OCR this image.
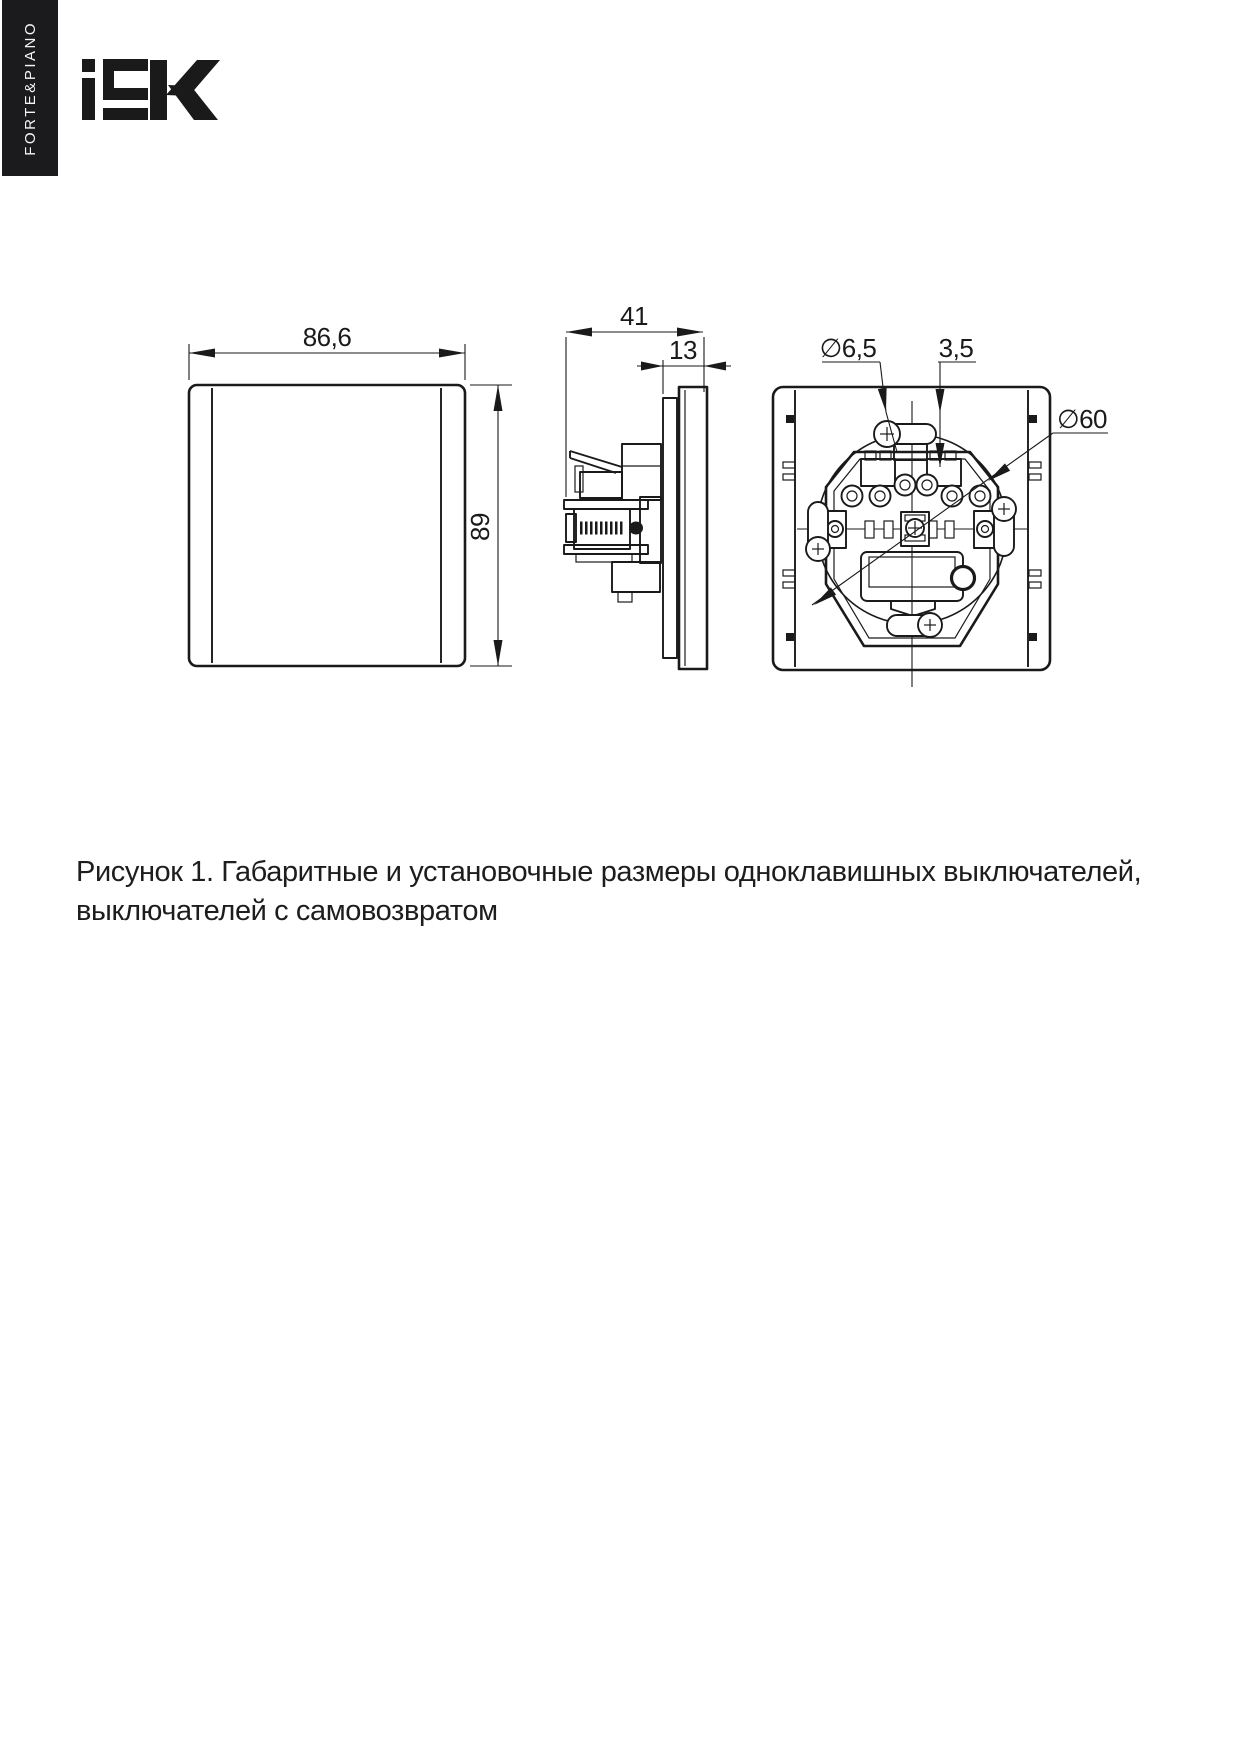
FORTE&PIANO
86,6
89
41
13	∅6,5 3,5
∅60
Рисунок 1. Габаритные и установочные размеры одноклавишных выключателей,
выключателей с самовозвратом
